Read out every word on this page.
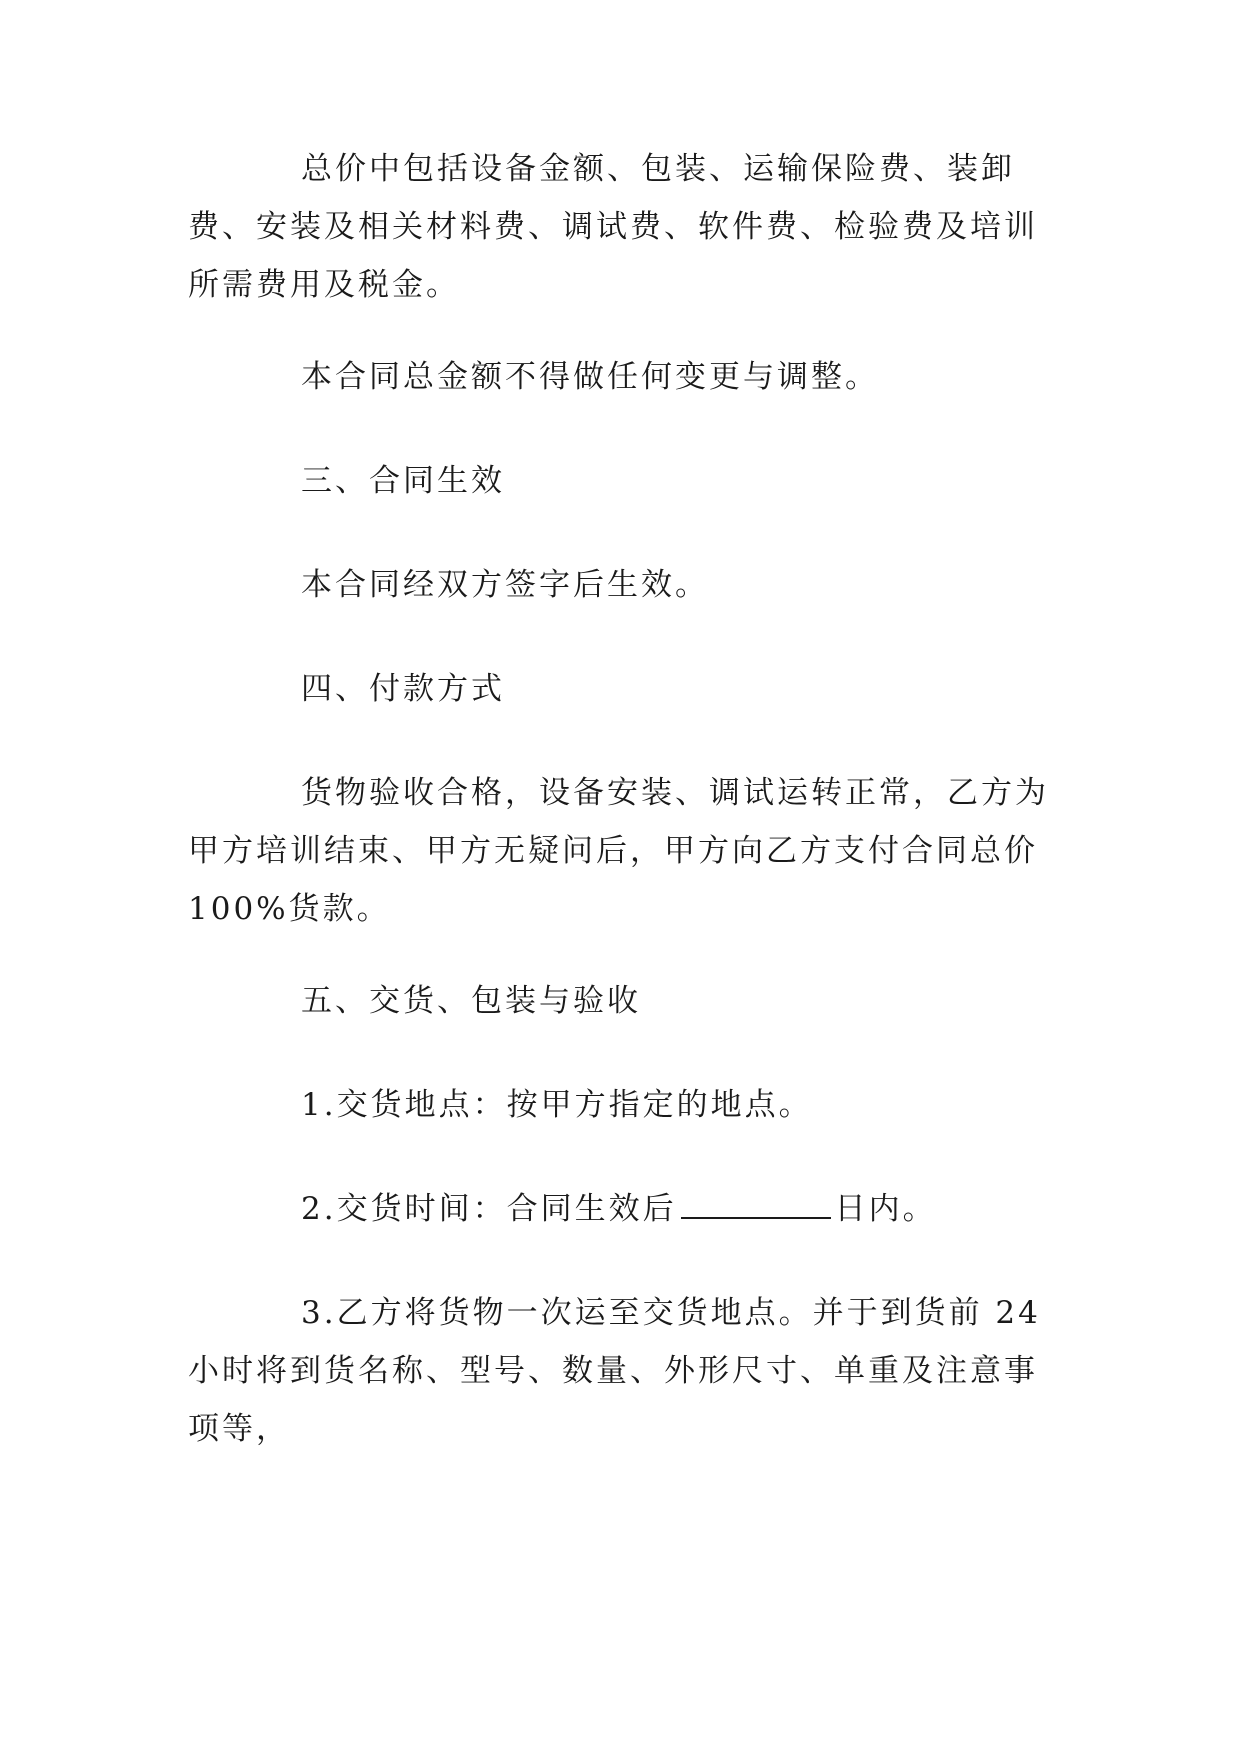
总价中包括设备金额、包装、运输保险费、装卸费、安装及相关材料费、调试费、软件费、检验费及培训所需费用及税金。

本合同总金额不得做任何变更与调整。

三、合同生效

本合同经双方签字后生效。

四、付款方式

货物验收合格，设备安装、调试运转正常，乙方为甲方培训结束、甲方无疑问后，甲方向乙方支付合同总价 100%货款。

五、交货、包装与验收

1.交货地点：按甲方指定的地点。

2.交货时间：合同生效后	日内。

3.乙方将货物一次运至交货地点。并于到货前 24 小时将到货名称、型号、数量、外形尺寸、单重及注意事项等，
